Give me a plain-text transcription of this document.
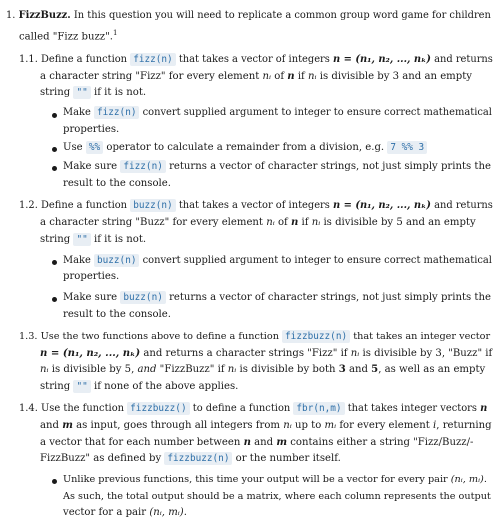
1. FizzBuzz. In this question you will need to replicate a common group word game for children
called "Fizz buzz".$^1$
1.1. Define a function fizz(n) that takes a vector of integers n = (n₁, n₂, ..., nₖ) and returns
a character string "Fizz" for every element nᵢ of n if nᵢ is divisible by 3 and an empty
string "" if it is not.
Make fizz(n) convert supplied argument to integer to ensure correct mathematical
properties.
Use %% operator to calculate a remainder from a division, e.g. 7 %% 3
Make sure fizz(n) returns a vector of character strings, not just simply prints the
result to the console.
1.2. Define a function buzz(n) that takes a vector of integers n = (n₁, n₂, ..., nₖ) and returns
a character string "Buzz" for every element nᵢ of n if nᵢ is divisible by 5 and an empty
string "" if it is not.
Make buzz(n) convert supplied argument to integer to ensure correct mathematical
properties.
Make sure buzz(n) returns a vector of character strings, not just simply prints the
result to the console.
1.3. Use the two functions above to define a function fizzbuzz(n) that takes an integer vector
n = (n₁, n₂, ..., nₖ) and returns a character strings "Fizz" if nᵢ is divisible by 3, "Buzz" if
nᵢ is divisible by 5, and "FizzBuzz" if nᵢ is divisible by both 3 and 5, as well as an empty
string "" if none of the above applies.
1.4. Use the function fizzbuzz() to define a function fbr(n,m) that takes integer vectors n
and m as input, goes through all integers from nᵢ up to mᵢ for every element i, returning
a vector that for each number between n and m contains either a string "Fizz/Buzz/-
FizzBuzz" as defined by fizzbuzz(n) or the number itself.
Unlike previous functions, this time your output will be a vector for every pair (nᵢ, mᵢ).
As such, the total output should be a matrix, where each column represents the output
vector for a pair (nᵢ, mᵢ).
